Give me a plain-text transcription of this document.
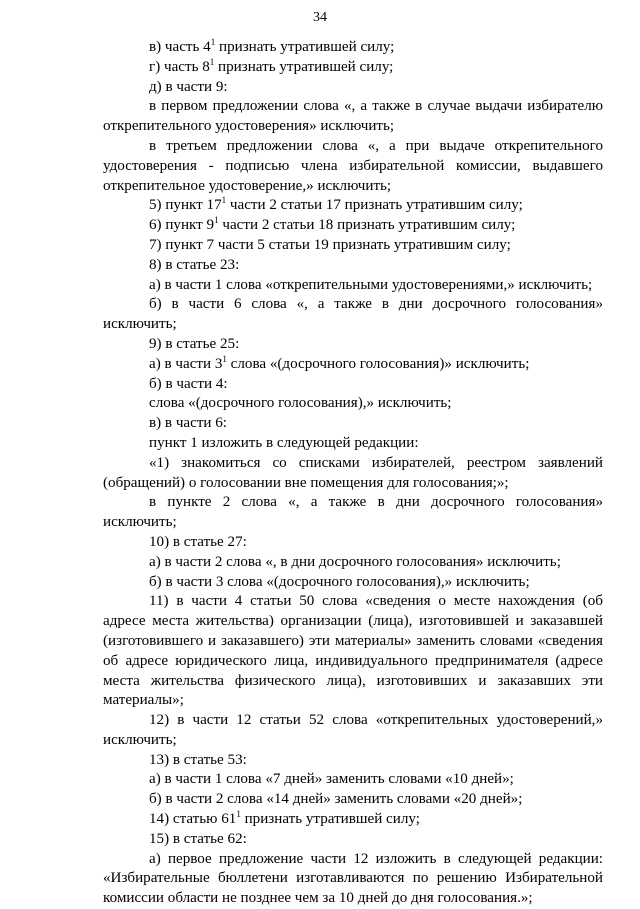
34

в) часть $4^1$ признать утратившей силу;

г) часть $8^1$ признать утратившей силу;

д) в части 9:

в первом предложении слова «, а также в случае выдачи избирателю открепительного удостоверения» исключить;

в третьем предложении слова «, а при выдаче открепительного удостоверения - подписью члена избирательной комиссии, выдавшего открепительное удостоверение,» исключить;

5) пункт $17^1$ части 2 статьи 17 признать утратившим силу;

6) пункт $9^1$ части 2 статьи 18 признать утратившим силу;

7) пункт 7 части 5 статьи 19 признать утратившим силу;

8) в статье 23:

а) в части 1 слова «открепительными удостоверениями,» исключить;

б) в части 6 слова «, а также в дни досрочного голосования» исключить;

9) в статье 25:

а) в части $3^1$ слова «(досрочного голосования)» исключить;

б) в части 4:

слова «(досрочного голосования),» исключить;

в) в части 6:

пункт 1 изложить в следующей редакции:

«1) знакомиться со списками избирателей, реестром заявлений (обращений) о голосовании вне помещения для голосования;»;

в пункте 2 слова «, а также в дни досрочного голосования» исключить;

10) в статье 27:

а) в части 2 слова «, в дни досрочного голосования» исключить;

б) в части 3 слова «(досрочного голосования),» исключить;

11) в части 4 статьи 50 слова «сведения о месте нахождения (об адресе места жительства) организации (лица), изготовившей и заказавшей (изготовившего и заказавшего) эти материалы» заменить словами «сведения об адресе юридического лица, индивидуального предпринимателя (адресе места жительства физического лица), изготовивших и заказавших эти материалы»;

12) в части 12 статьи 52 слова «открепительных удостоверений,» исключить;

13) в статье 53:

а) в части 1 слова «7 дней» заменить словами «10 дней»;

б) в части 2 слова «14 дней» заменить словами «20 дней»;

14) статью $61^1$ признать утратившей силу;

15) в статье 62:

а) первое предложение части 12 изложить в следующей редакции: «Избирательные бюллетени изготавливаются по решению Избирательной комиссии области не позднее чем за 10 дней до дня голосования.»;
